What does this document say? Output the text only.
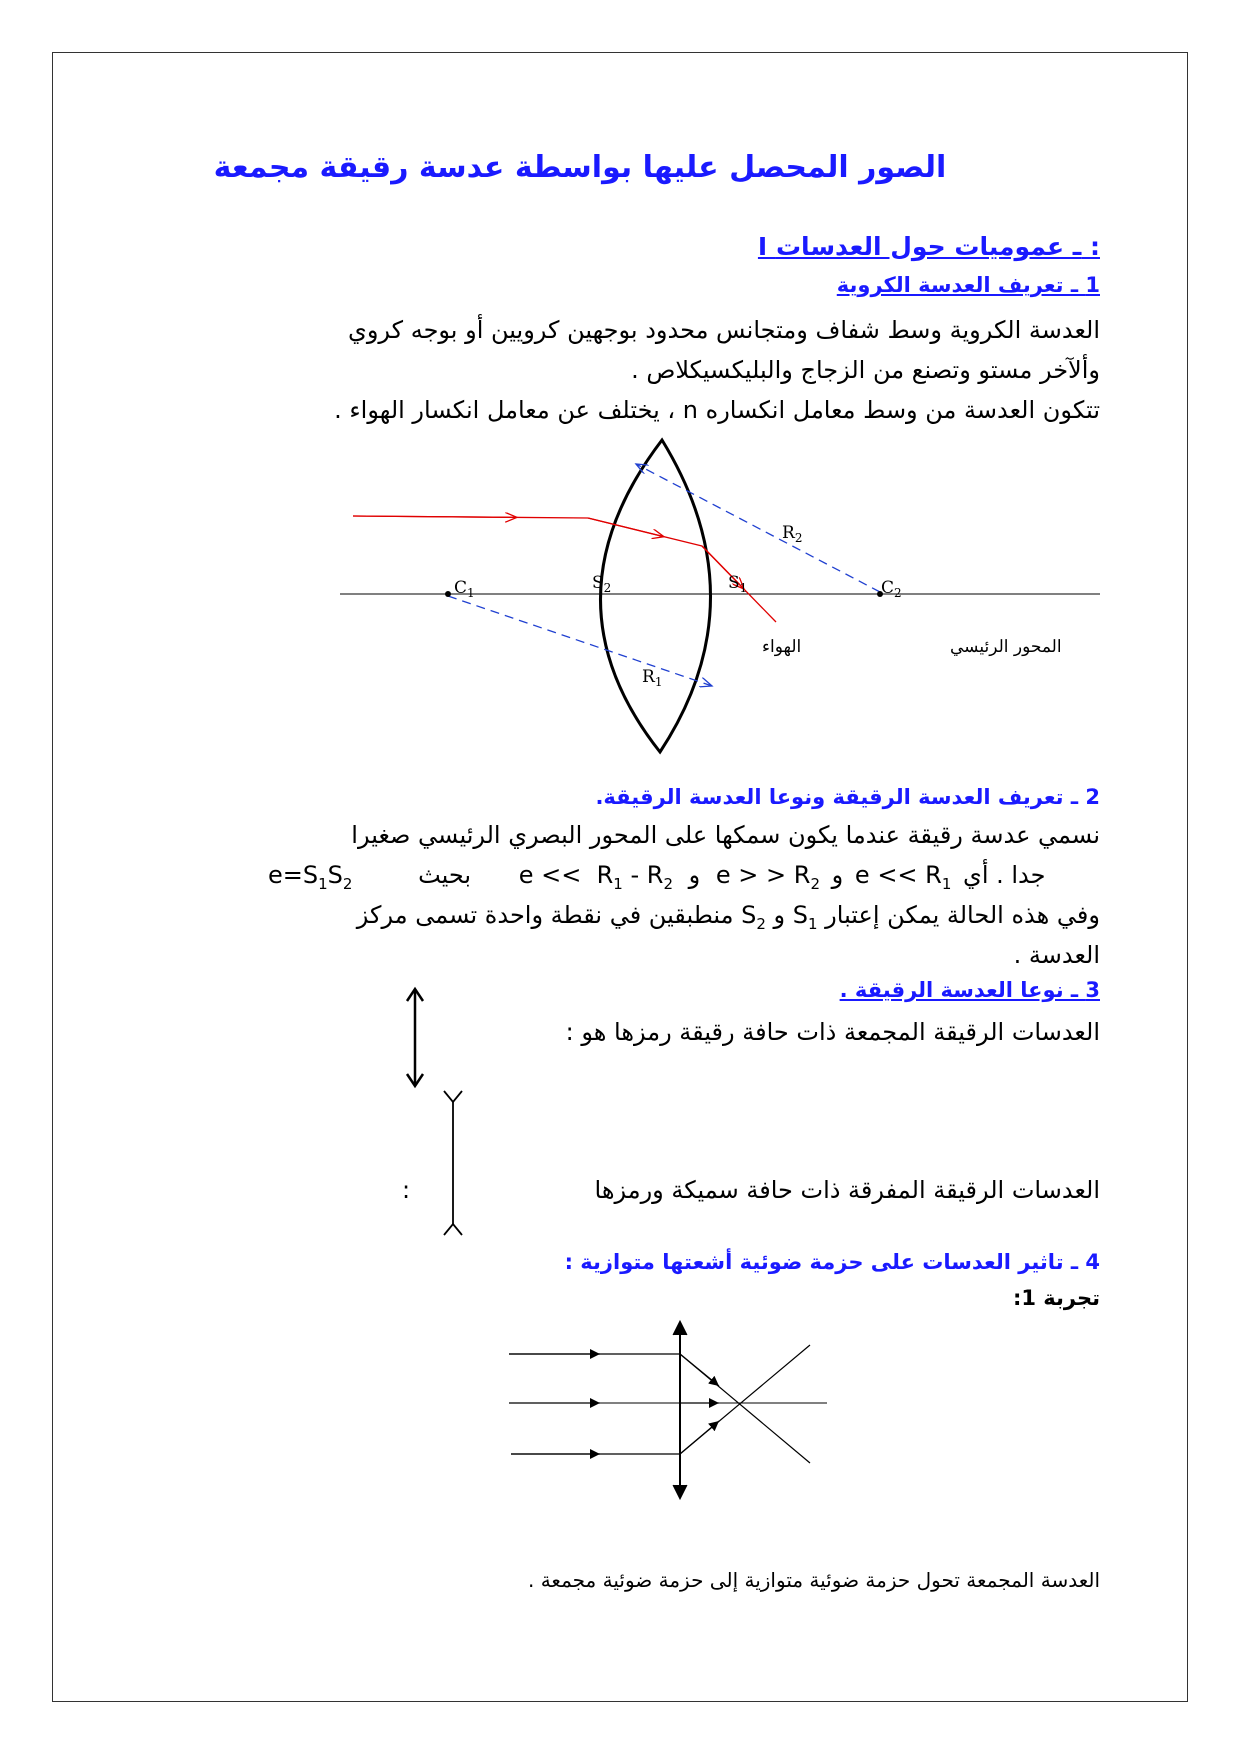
الصور المحصل عليها بواسطة عدسة رقيقة مجمعة
I ـ عموميات حول العدسات :
1 ـ تعريف العدسة الكروية
العدسة الكروية وسط شفاف ومتجانس محدود بوجهين كرويين أو بوجه كروي
وألآخر مستو وتصنع من الزجاج والبليكسيكلاص .
تتكون العدسة من وسط معامل انكساره n ، يختلف عن معامل انكسار الهواء .
$R_2$
$R_1$
$C_1$	$C_2$
$S_2$	$S_1$
الهواء	المحور الرئيسي
2 ـ تعريف العدسة الرقيقة ونوعا العدسة الرقيقة.
نسمي عدسة رقيقة عندما يكون سمكها على المحور البصري الرئيسي صغيرا
$e=S_1S_2$	بحيث $e << R_1 - R_2$ و e > > $R_2$ و $e << R_1$ جدا . أي
وفي هذه الحالة يمكن إعتبار $S_1$ و $S_2$ منطبقين في نقطة واحدة تسمى مركز
العدسة .
3 ـ نوعا العدسة الرقيقة .
العدسات الرقيقة المجمعة ذات حافة رقيقة رمزها هو :
العدسات الرقيقة المفرقة ذات حافة سميكة ورمزها
:
4 ـ تاثير العدسات على حزمة ضوئية أشعتها متوازية :
تجربة 1:
العدسة المجمعة تحول حزمة ضوئية متوازية إلى حزمة ضوئية مجمعة .
